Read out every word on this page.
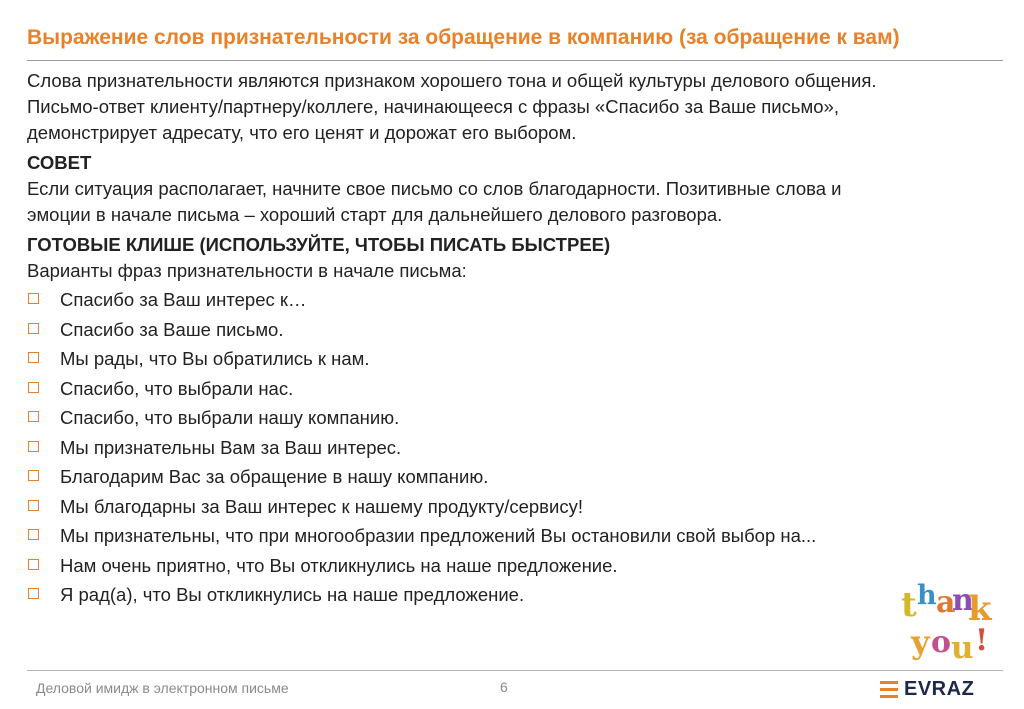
Выражение слов признательности за обращение в компанию (за обращение к вам)

Слова признательности являются признаком хорошего тона и общей культуры делового общения.
Письмо-ответ клиенту/партнеру/коллеге, начинающееся с фразы «Спасибо за Ваше письмо»,
демонстрирует адресату, что его ценят и дорожат его выбором.

СОВЕТ

Если ситуация располагает, начните свое письмо со слов благодарности. Позитивные слова и
эмоции в начале письма – хороший старт для дальнейшего делового разговора.

ГОТОВЫЕ КЛИШЕ (ИСПОЛЬЗУЙТЕ, ЧТОБЫ ПИСАТЬ БЫСТРЕЕ)

Варианты фраз признательности в начале письма:

Спасибо за Ваш интерес к…
Спасибо за Ваше письмо.
Мы рады, что Вы обратились к нам.
Спасибо, что выбрали нас.
Спасибо, что выбрали нашу компанию.
Мы признательны Вам за Ваш интерес.
Благодарим Вас за обращение в нашу компанию.
Мы благодарны за Ваш интерес к нашему продукту/сервису!
Мы признательны, что при многообразии предложений Вы остановили свой выбор на...
Нам очень приятно, что Вы откликнулись на наше предложение.
Я рад(а), что Вы откликнулись на наше предложение.	t h a
n
k
y o u !
Деловой имидж в электронном письме	6	EVRAZ
